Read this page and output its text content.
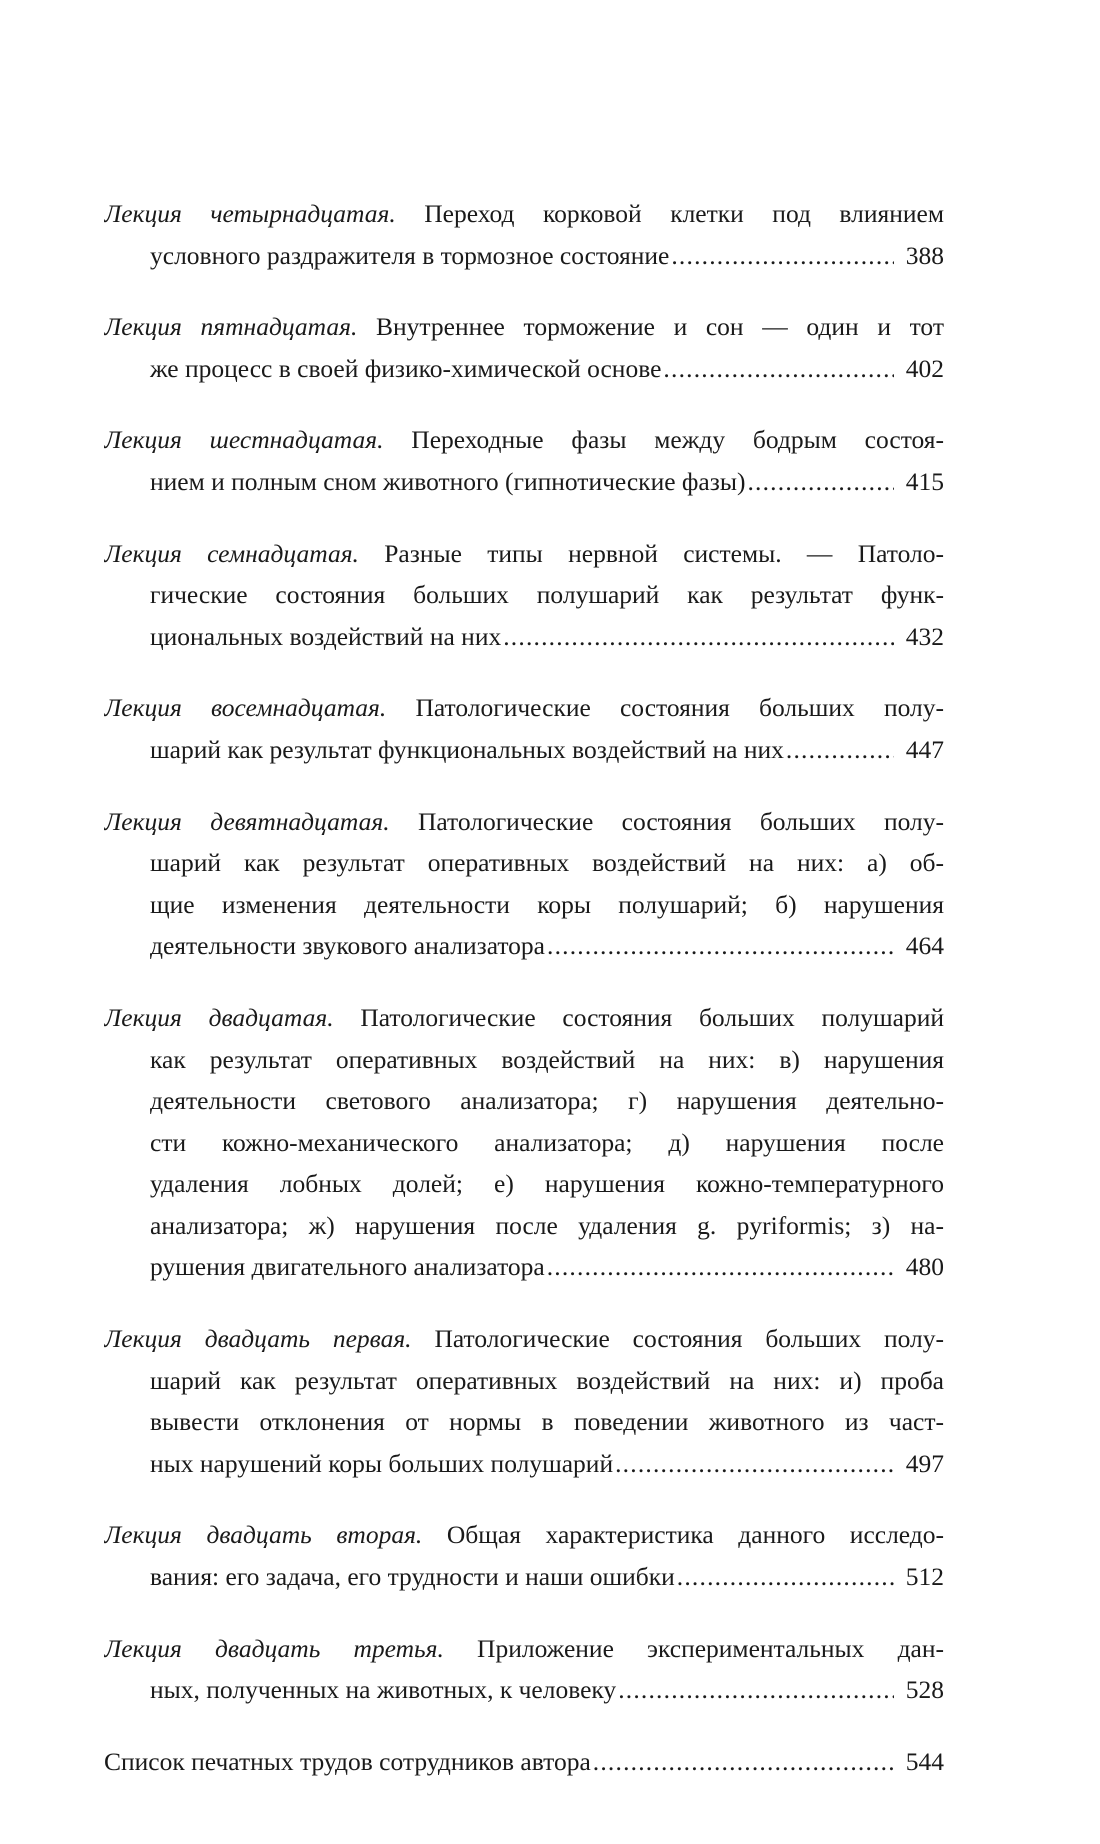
Лекция четырнадцатая. Переход корковой клетки под влиянием
условного раздражителя в тормозное состояние .....	388
Лекция пятнадцатая. Внутреннее торможение и сон — один и тот
же процесс в своей физико-химической основе .....	402
Лекция шестнадцатая. Переходные фазы между бодрым состоя-
нием и полным сном животного (гипнотические фазы) .....	415
Лекция семнадцатая. Разные типы нервной системы. — Патоло-
гические состояния больших полушарий как результат функ-
циональных воздействий на них .....	432
Лекция восемнадцатая. Патологические состояния больших полу-
шарий как результат функциональных воздействий на них .....	447
Лекция девятнадцатая. Патологические состояния больших полу-
шарий как результат оперативных воздействий на них: а) об-
щие изменения деятельности коры полушарий; б) нарушения
деятельности звукового анализатора .....	464
Лекция двадцатая. Патологические состояния больших полушарий
как результат оперативных воздействий на них: в) нарушения
деятельности светового анализатора; г) нарушения деятельно-
сти кожно-механического анализатора; д) нарушения после
удаления лобных долей; е) нарушения кожно-температурного
анализатора; ж) нарушения после удаления g. pyriformis; з) на-
рушения двигательного анализатора .....	480
Лекция двадцать первая. Патологические состояния больших полу-
шарий как результат оперативных воздействий на них: и) проба
вывести отклонения от нормы в поведении животного из част-
ных нарушений коры больших полушарий .....	497
Лекция двадцать вторая. Общая характеристика данного исследо-
вания: его задача, его трудности и наши ошибки .....	512
Лекция двадцать третья. Приложение экспериментальных дан-
ных, полученных на животных, к человеку .....	528
Список печатных трудов сотрудников автора .....	544
